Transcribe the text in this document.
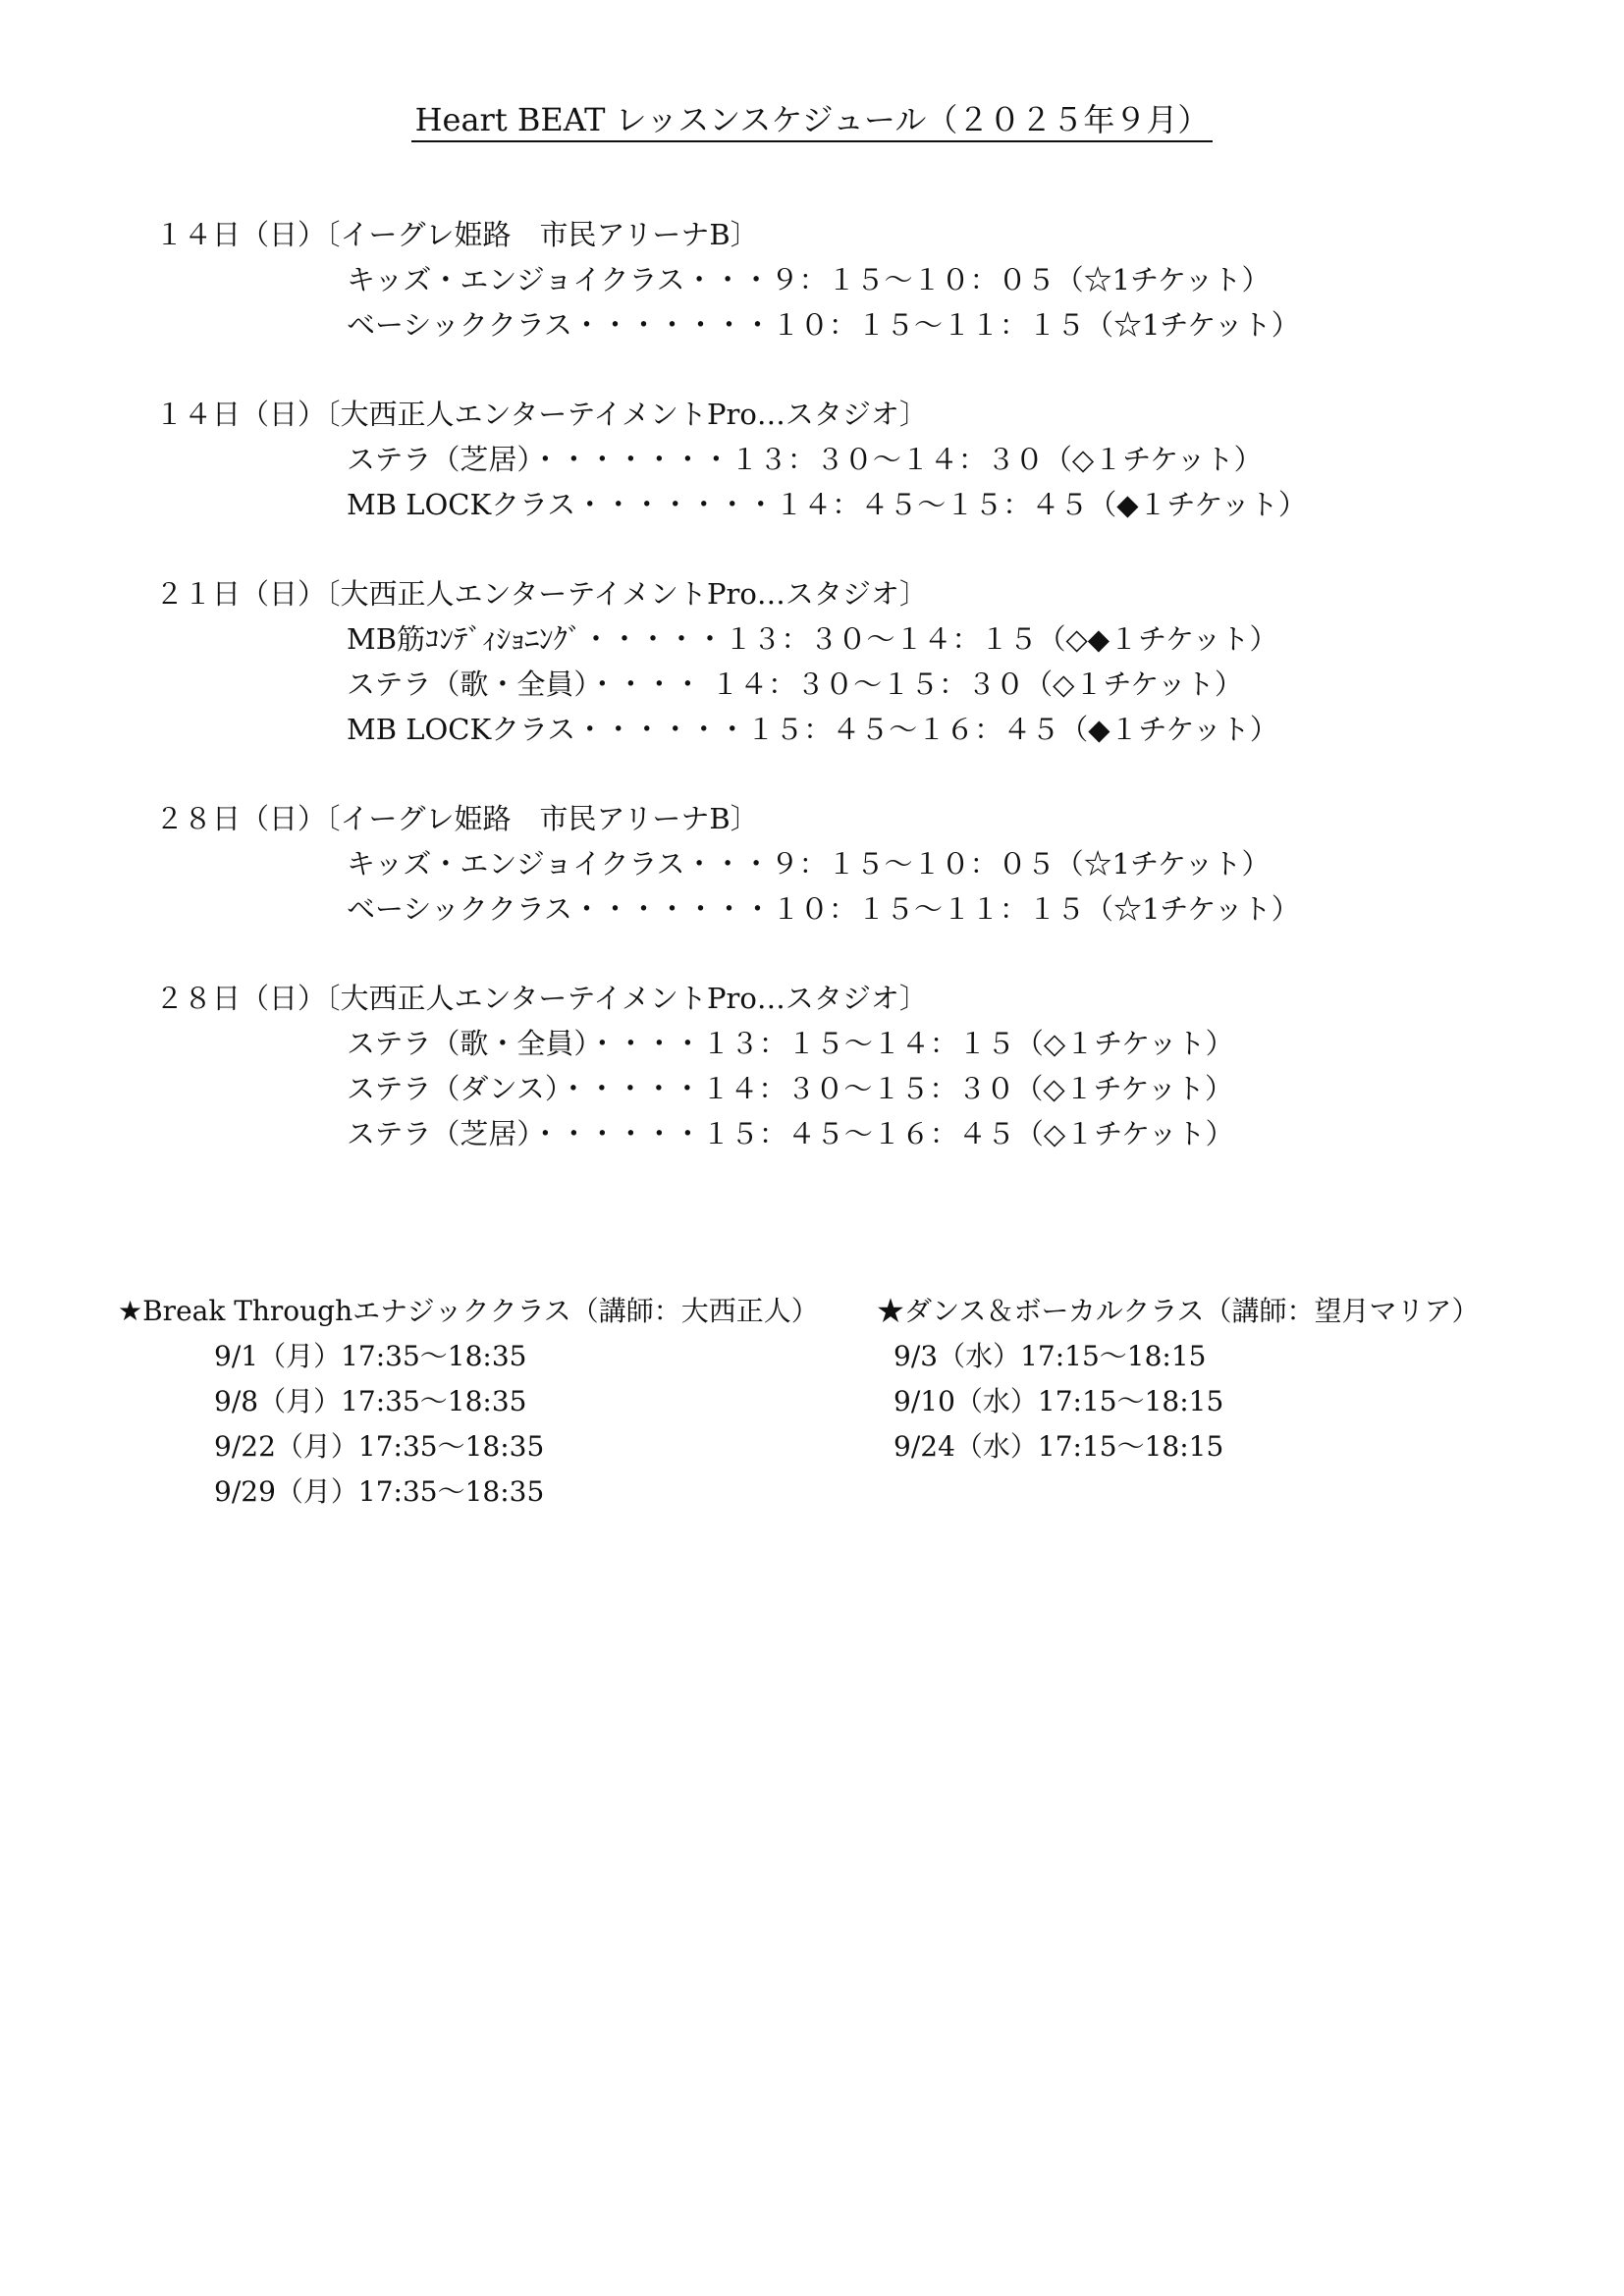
Heart BEAT レッスンスケジュール（２０２５年９月）
１４日（日）〔イーグレ姫路　市民アリーナB〕
キッズ・エンジョイクラス・・・９：１５～１０：０５（☆1チケット）
ベーシッククラス・・・・・・・１０：１５～１１：１５（☆1チケット）
１４日（日）〔大西正人エンターテイメントPro…スタジオ〕
ステラ（芝居）・・・・・・・１３：３０～１４：３０（◇１チケット）
MB LOCKクラス・・・・・・・１４：４５～１５：４５（◆１チケット）
２１日（日）〔大西正人エンターテイメントPro…スタジオ〕
MB筋ｺﾝﾃﾞｨｼｮﾆﾝｸﾞ・・・・・１３：３０～１４：１５（◇◆１チケット）
ステラ（歌・全員）・・・・ １４：３０～１５：３０（◇１チケット）
MB LOCKクラス・・・・・・１５：４５～１６：４５（◆１チケット）
２８日（日）〔イーグレ姫路　市民アリーナB〕
キッズ・エンジョイクラス・・・９：１５～１０：０５（☆1チケット）
ベーシッククラス・・・・・・・１０：１５～１１：１５（☆1チケット）
２８日（日）〔大西正人エンターテイメントPro…スタジオ〕
ステラ（歌・全員）・・・・１３：１５～１４：１５（◇１チケット）
ステラ（ダンス）・・・・・１４：３０～１５：３０（◇１チケット）
ステラ（芝居）・・・・・・１５：４５～１６：４５（◇１チケット）
★Break Throughエナジッククラス（講師：大西正人）
9/1（月）17:35～18:35
9/8（月）17:35～18:35
9/22（月）17:35～18:35
9/29（月）17:35～18:35
★ダンス＆ボーカルクラス（講師：望月マリア）
9/3（水）17:15～18:15
9/10（水）17:15～18:15
9/24（水）17:15～18:15
